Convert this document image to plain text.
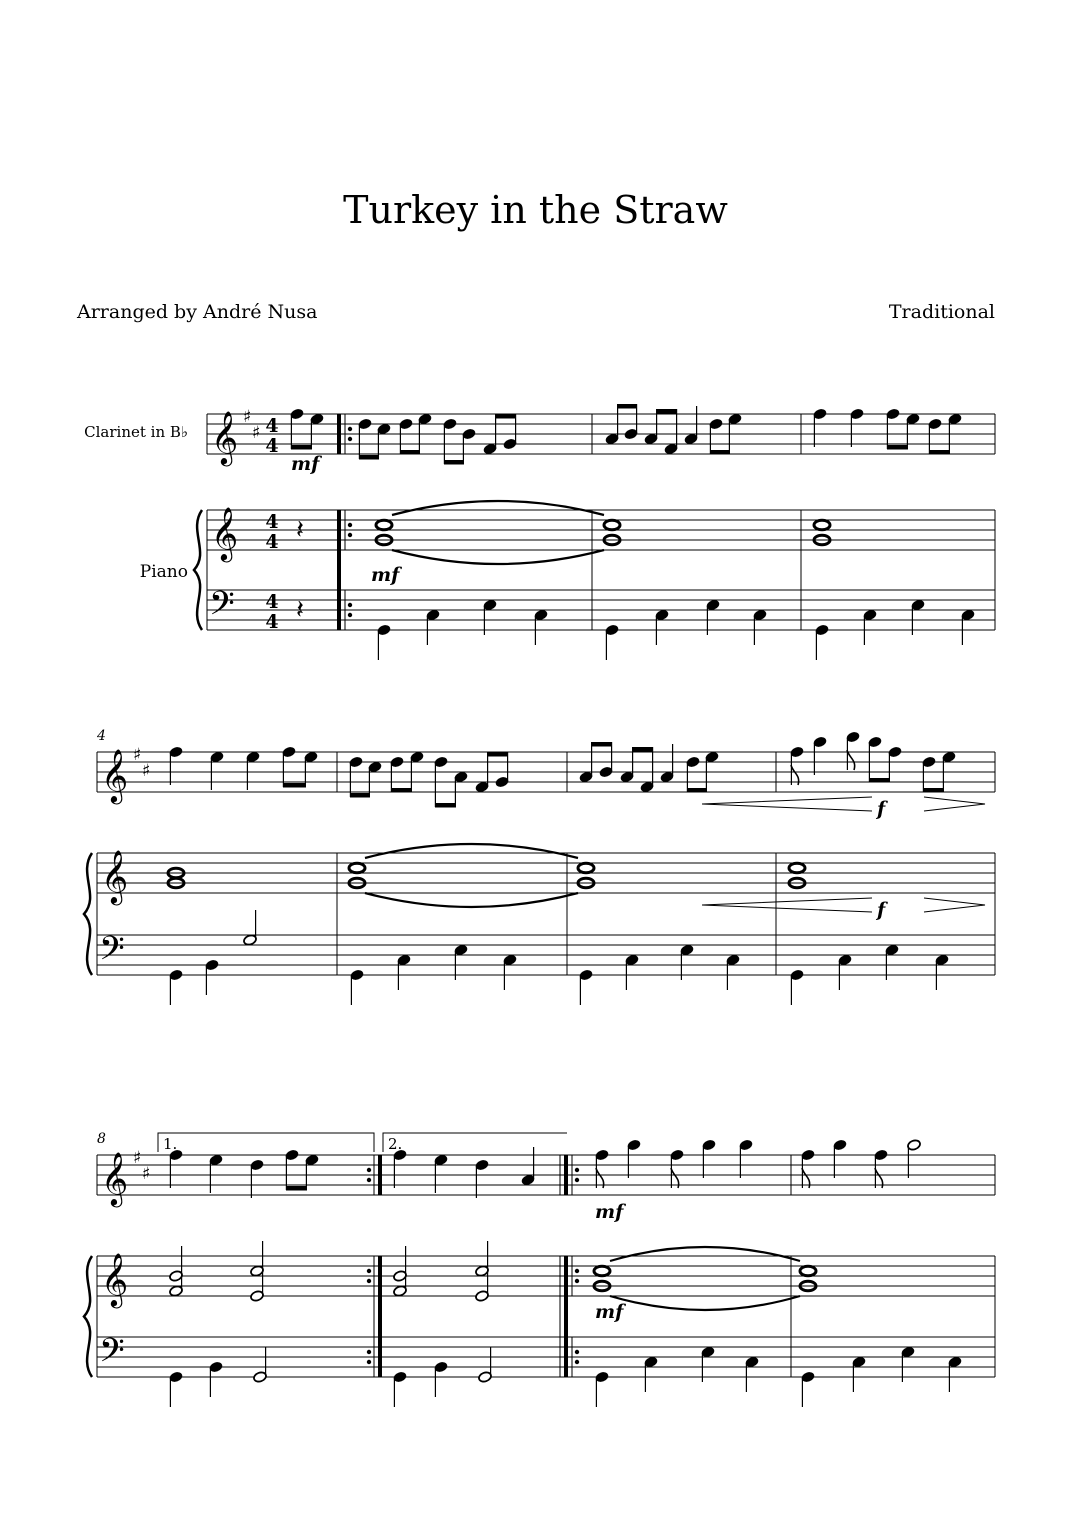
Turkey in the Straw
Arranged by André Nusa	Traditional
Clarinet in B♭
Piano
4
8	1.	2.
mf
mf
f
f
mf
mf
𝄞 ♯
♯ 4
4
𝄞 4
4
𝄢 4
4
𝄽
𝄽
𝄞 ♯
♯
𝄞
𝄢
𝄞 ♯
♯
𝄞
𝄢
